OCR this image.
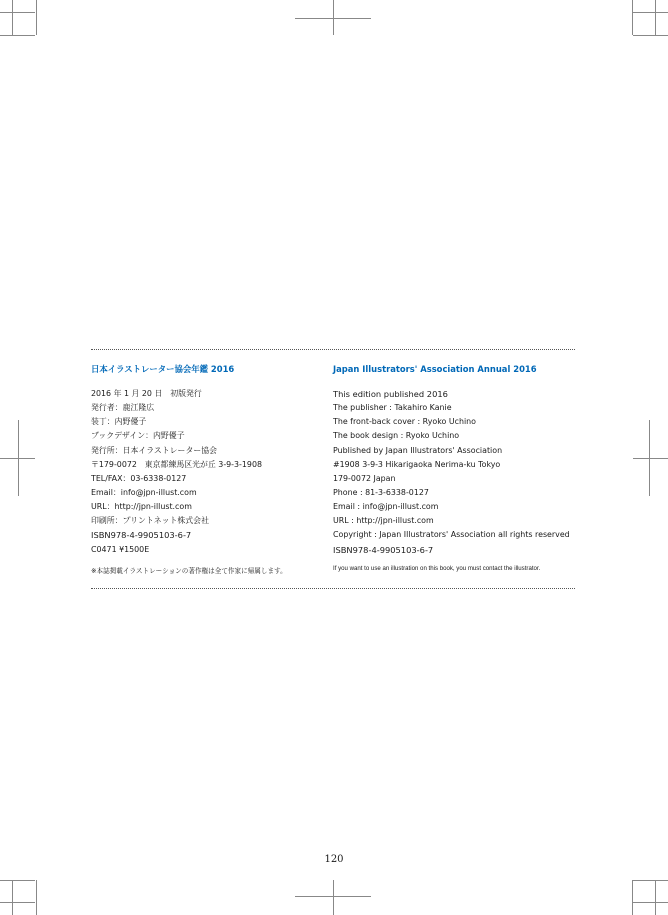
日本イラストレーター協会年鑑 2016
2016 年 1 月 20 日　初版発行
発行者：鹿江隆広
装丁：内野優子
ブックデザイン：内野優子
発行所：日本イラストレーター協会
〒179-0072　東京都練馬区光が丘 3-9-3-1908
TEL/FAX：03-6338-0127
Email：info@jpn-illust.com
URL：http://jpn-illust.com
印刷所：プリントネット株式会社
ISBN978-4-9905103-6-7
C0471 ¥1500E
Japan Illustrators' Association Annual 2016
This edition published 2016
The publisher : Takahiro Kanie
The front-back cover : Ryoko Uchino
The book design : Ryoko Uchino
Published by Japan Illustrators' Association
#1908 3-9-3 Hikarigaoka Nerima-ku Tokyo
179-0072 Japan
Phone : 81-3-6338-0127
Email : info@jpn-illust.com
URL : http://jpn-illust.com
Copyright : Japan Illustrators' Association all rights reserved
ISBN978-4-9905103-6-7
※本誌掲載イラストレーションの著作権は全て作家に帰属します。	If you want to use an illustration on this book, you must contact the illustrator.
120
